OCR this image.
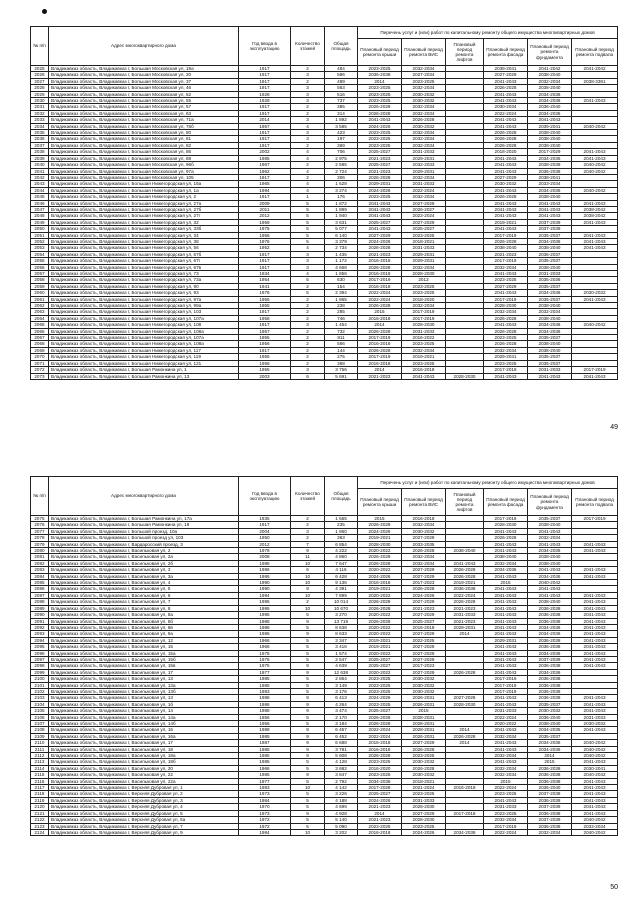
№ п/п	Адрес многоквартирного дома	Год ввода в эксплуатацию	Количество этажей	Общая площадь	Перечень услуг и (или) работ по капитальному ремонту общего имущества многоквартирных домов					
					Плановый период ремонта крыши	Плановый период ремонта ВИС	Плановый период ремонта лифтов	Плановый период ремонта фасада	Плановый период ремонта фундамента	Плановый период ремонта подвала
2025	Владикавказ область, Владикавказ г, Большая Московская ул, 19а	1917	2	484	2023-2025	2032-2034		2039-2041	2041-2042	2041-2042
2026	Владикавказ область, Владикавказ г, Большая Московская ул, 20	1917	3	586	2036-2038	2027-2034		2027-2029	2038-2040	
2027	Владикавказ область, Владикавказ г, Большая Московская ул, 37	1917	2	489	2014	2023-2025		2041-2043	2032-2034	2038-3381
2028	Владикавказ область, Владикавказ г, Большая Московская ул, 46	1917	3	563	2023-2025	2032-2034		2026-2028	2038-2040	
2029	Владикавказ область, Владикавказ г, Большая Московская ул, 52	1928	3	516	2023-2025	2030-2032		2041-2043	2034-2036	
2030	Владикавказ область, Владикавказ г, Большая Московская ул, 55	1928	3	737	2023-2025	2030-2032		2041-2043	2034-2036	2041-2043
2031	Владикавказ область, Владикавказ г, Большая Московская ул, 57	1917	2	385	2026-2028	2032-2034		2030-2034	2036-2040	
2032	Владикавказ область, Владикавказ г, Большая Московская ул, 63	1917	2	314	2026-2028	2032-2034		2022-2024	2034-2036	
2033	Владикавказ область, Владикавказ г, Большая Московская ул, 71а	2014	3	1 892	2041-2043	2026-2028		2041-2043	2041-2043	
2034	Владикавказ область, Владикавказ г, Большая Московская ул, 76б	1957	4	3 585	2024-2026	2030-2032		2041-2043	2039-2041	2040-2042
2035	Владикавказ область, Владикавказ г, Большая Московская ул, 80	1917	3	423	2023-2025	2032-2034		2026-2028	2038-2040	
2036	Владикавказ область, Владикавказ г, Большая Московская ул, 81	1917	3	197	2023-2025	2032-2034		2026-2028	2038-2040	
2037	Владикавказ область, Владикавказ г, Большая Московская ул, 82	1917	2	369	2023-2025	2032-2034		2026-2028	2038-2040	
2038	Владикавказ область, Владикавказ г, Большая Московская ул, 86	2002	4	706	2025-2027	2031-2033		2018-2020	2017-2029	2041-2043
2039	Владикавказ область, Владикавказ г, Большая Московская ул, 88	1985	4	2 975	2021-2023	2029-2031		2041-2043	2034-2036	2041-2043
2040	Владикавказ область, Владикавказ г, Большая Московская ул, 96б	1967	2	2 585	2025-2027	2032-2033		2041-2043	2038-2039	2040-2042
2041	Владикавказ область, Владикавказ г, Большая Московская ул, 97а	1962	4	2 724	2021-2023	2029-2031		2041-2043	2036-2038	2040-2042
2042	Владикавказ область, Владикавказ г, Большая Московская ул, 105	1917	2	306	2026-2028	2032-2034		2027-2029	2038-2041	
2043	Владикавказ область, Владикавказ г, Большая Нижегородская ул, 16а	1965	4	1 528	2029-2031	2031-2033		2030-2032	2033-2034	
2044	Владикавказ область, Владикавказ г, Большая Нижегородская ул, 1а	1994	4	3 274	2024-2026	2022-2024		2041-2043	2034-2036	2040-2042
2045	Владикавказ область, Владикавказ г, Большая Нижегородская ул, 2	1917	1	176	2023-2025	2032-2034		2026-2028	2038-2040	
2046	Владикавказ область, Владикавказ г, Большая Нижегородская ул, 27а	2009	5	1 872	2041-2043	2027-2029		2041-2043	2041-2043	2041-2043
2047	Владикавказ область, Владикавказ г, Большая Нижегородская ул, 27б	2011	5	1 899	2041-2043	2026-2027		2041-2043	2041-2043	2038-2042
2048	Владикавказ область, Владикавказ г, Большая Нижегородская ул, 27г	2012	5	1 940	2041-2043	2023-2024		2041-2043	2041-2043	2038-2042
2049	Владикавказ область, Владикавказ г, Большая Нижегородская ул, 32	1959	5	3 631	2025-2027	2027-2029		2019-2021	2037-2039	2041-2043
2050	Владикавказ область, Владикавказ г, Большая Нижегородская ул, 33б	1975	5	5 077	2041-2043	2025-2027		2041-2043	2037-2039	
2051	Владикавказ область, Владикавказ г, Большая Нижегородская ул, 34	1956	5	6 140	2027-2029	2023-2025		2017-2019	2035-2037	2041-2043
2052	Владикавказ область, Владикавказ г, Большая Нижегородская ул, 38	1976	5	3 379	2024-2026	2018-2021		2026-2028	2034-2036	2041-2043
2053	Владикавказ область, Владикавказ г, Большая Нижегородская ул, 56	1952	4	2 734	2026-2028	2031-2033		2038-2040	2038-2040	2041-2043
2054	Владикавказ область, Владикавказ г, Большая Нижегородская ул, 67б	1917	3	1 435	2021-2023	2029-2031		2021-2023	2036-2037	
2055	Владикавказ область, Владикавказ г, Большая Нижегородская ул, 67г	1917	3	1 172	2016-2018	2029-2031		2017-2019	2035-2037	
2056	Владикавказ область, Владикавказ г, Большая Нижегородская ул, 67в	1917	3	4 668	2026-2028	2032-2034		2032-2034	2038-2040	
2057	Владикавказ область, Владикавказ г, Большая Нижегородская ул, 73	1934	4	1 856	2016-2018	2028-2030		2041-2043	2031-2033	
2058	Владикавказ область, Владикавказ г, Большая Нижегородская ул, 73а	1954	5	630	2017-2019	2013		2023-2025	2035-2036	
2059	Владикавказ область, Владикавказ г, Большая Нижегородская ул, 90	1941	2	154	2016-2018	2023-2025		2027-2029	2035-2037	
2060	Владикавказ область, Владикавказ г, Большая Нижегородская ул, 93	1976	5	2 394	2022-2024	2023-2025		2041-2043	2034-2036	2030-2032
2061	Владикавказ область, Владикавказ г, Большая Нижегородская ул, 97а	1955	2	1 865	2022-2024	2018-2020		2017-2019	2035-2037	2041-2043
2062	Владикавказ область, Владикавказ г, Большая Нижегородская ул, 99а	1955	2	238	2026-2028	2032-2034		2028-2030	2038-2040	
2063	Владикавказ область, Владикавказ г, Большая Нижегородская ул, 103	1917	2	285	2015	2017-2019		2032-2034	2032-2034	
2064	Владикавказ область, Владикавказ г, Большая Нижегородская ул, 107а	1958	2	746	2016-2018	2017-2019		2026-2028	2038-2040	
2065	Владикавказ область, Владикавказ г, Большая Нижегородская ул, 108	1917	3	1 454	2014	2028-2030		2041-2043	2034-2036	2040-2042
2066	Владикавказ область, Владикавказ г, Большая Нижегородская ул, 108а	1957	2	732	2026-2028	2031-2033		2026-2028	2034-2036	
2067	Владикавказ область, Владикавказ г, Большая Нижегородская ул, 107а	1955	2	811	2017-2019	2016-2022		2023-2025	2035-2037	
2068	Владикавказ область, Владикавказ г, Большая Нижегородская ул, 108а	1956	2	566	2016-2018	2023-2025		2026-2028	2038-2040	
2069	Владикавказ область, Владикавказ г, Большая Нижегородская ул, 117	1917	2	144	2026-2028	2032-2034		2032-2034	2038-2040	
2070	Владикавказ область, Владикавказ г, Большая Нижегородская ул, 119	1955	2	275	2017-2019	2019-2021		2029-2031	2035-2037	
2071	Владикавказ область, Владикавказ г, Большая Нижегородская ул, 121	1958	2	368	2016-2018	2023-2025		2023-2025	2035-2037	
2072	Владикавказ область, Владикавказ г, Большая Рамонкина ул, 1	1955	3	3 756	2014	2016-2018		2017-2019	2031-2033	2017-2019
2073	Владикавказ область, Владикавказ г, Большая Рамонкина ул, 13	2003	6	5 691	2021-2023	2041-2043	2028-2030	2041-2043	2041-2043	2041-2043
49
№ п/п	Адрес многоквартирного дома	Год ввода в эксплуатацию	Количество этажей	Общая площадь	Перечень услуг и (или) работ по капитальному ремонту общего имущества многоквартирных домов					
					Плановый период ремонта крыши	Плановый период ремонта ВИС	Плановый период ремонта лифтов	Плановый период ремонта фасада	Плановый период ремонта фундамента	Плановый период ремонта подвала
2075	Владикавказ область, Владикавказ г, Большая Рамонкина ул, 17а	1935	2	1 665	2015	2016-2018		2017-2019	2035-2037	2017-2019
2076	Владикавказ область, Владикавказ г, Большая Рамонкина ул, 18	1917	2	235	2026-2028	2032-2034		2028-2030	2038-2040	
2077	Владикавказ область, Владикавказ г, Большой проезд, 10а	2004	3	1 860	2024-2026	2030-2032		2041-2043	2041-2043	
2078	Владикавказ область, Владикавказ г, Большой проезд ул, 103	1950	2	363	2019-2021	2027-2029		2026-2028	2032-2034	
2079	Владикавказ область, Владикавказ г, Вардаросский проезд, 3	2012	7	6 854	2028-2030	2033-2035		2041-2043	2041-2043	2041-2043
2080	Владикавказ область, Владикавказ г, Васильковая ул, 2	1978	9	4 222	2020-2022	2026-2028	2038-2040	2041-2043	2034-2036	2041-2043
2081	Владикавказ область, Владикавказ г, Васильковая ул, 2а	2008	11	4 860	2026-2028	2032-2034		2038-2040	2038-2040	
2082	Владикавказ область, Владикавказ г, Васильковая ул, 2б	1988	10	7 647	2026-2028	2032-2034	2041-2043	2032-2034	2038-2040	
2083	Владикавказ область, Владикавказ г, Васильковая ул, 3	1986	6	4 116	2020-2022	2027-2029	2026-2028	2034-2036	2041-2043	2041-2043
2084	Владикавказ область, Владикавказ г, Васильковая ул, 3а	1986	10	6 428	2024-2026	2027-2029	2026-2028	2041-2043	2034-2036	2041-2043
2085	Владикавказ область, Владикавказ г, Васильковая ул, 4	1990	10	9 136	2016-2018	2017-2023	2019-2021	2015	2040-2042	
2086	Владикавказ область, Владикавказ г, Васильковая ул, 5	1990	9	4 391	2019-2021	2026-2028	2036-2038	2041-2043	2041-2043	
2087	Владикавказ область, Владикавказ г, Васильковая ул, 6	1994	10	7 899	2020-2022	2024-2026	2022-2024	2041-2043	2041-2043	2041-2043
2088	Владикавказ область, Владикавказ г, Васильковая ул, 7	1995	2	10 014	2026-2028	2027-2029	2026-2028	2041-2043	2038-2040	2041-2043
2089	Владикавказ область, Владикавказ г, Васильковая ул, 8	1995	10	10 670	2026-2028	2021-2023	2021-2023	2041-2043	2036-2038	2041-2043
2090	Владикавказ область, Владикавказ г, Васильковая ул, 8а	1995	5	3 270	2020-2022	2027-2029	2031-2033	2041-2043	2036-2038	2041-2043
2091	Владикавказ область, Владикавказ г, Васильковая ул, 8б	1986	9	13 719	2026-2028	2025-2027	2021-2023	2041-2043	2036-2038	2041-2043
2092	Владикавказ область, Владикавказ г, Васильковая ул, 8в	1986	5	8 638	2020-2022	2016-2018	2029-2031	2041-2043	2034-2036	2041-2043
2093	Владикавказ область, Владикавказ г, Васильковая ул, 9а	1986	9	8 633	2020-2022	2027-2029	2014	2041-2043	2034-2036	2041-2043
2094	Владикавказ область, Владикавказ г, Васильковая ул, 12	1966	5	3 347	2019-2021	2022-2025		2029-2031	2036-2038	2041-2043
2095	Владикавказ область, Владикавказ г, Васильковая ул, 15	1966	5	3 416	2019-2021	2027-2029		2041-2043	2036-2038	2041-2043
2096	Владикавказ область, Владикавказ г, Васильковая ул, 15а	1975	5	1 574	2020-2022	2027-2029		2041-2043	2034-2036	2041-2043
2097	Владикавказ область, Владикавказ г, Васильковая ул, 15б	1975	5	2 547	2025-2027	2027-2029		2041-2043	2037-2039	2041-2043
2098	Владикавказ область, Владикавказ г, Васильковая ул, 15в	1975	9	4 639	2025-2027	2017-2023		2041-2043	2036-2038	2041-2043
2099	Владикавказ область, Владикавказ г, Васильковая ул, 17	1977	9	12 638	2020-2022	2027-2029	2026-2028	2041-2043	2034-2036	
2100	Владикавказ область, Владикавказ г, Васильковая ул, 13	1985	5	2 864	2023-2025	2030-2032		2017-2019	2036-2038	
2101	Владикавказ область, Владикавказ г, Васильковая ул, 13а	1985	5	3 149	2023-2025	2030-2032		2017-2019	2036-2038	
2102	Владикавказ область, Владикавказ г, Васильковая ул, 13б	1983	5	3 176	2023-2025	2030-2032		2017-2019	2036-2038	
2103	Владикавказ область, Владикавказ г, Васильковая ул, 13	1988	9	6 413	2024-2026	2026-2031	2027-2028	2041-2043	2036-2038	2041-2043
2104	Владикавказ область, Владикавказ г, Васильковая ул, 1б	1986	9	4 264	2023-2025	2026-2031	2028-2030	2041-2043	2035-2037	2041-2043
2105	Владикавказ область, Владикавказ г, Васильковая ул, 14	1988	9	3 474	2025-2027	2015		2031-2033	2030-2032	2041-2043
2106	Владикавказ область, Владикавказ г, Васильковая ул, 14а	1956	5	2 170	2026-2028	2028-2031		2022-2024	2036-2040	2031-2033
2107	Владикавказ область, Владикавказ г, Васильковая ул, 14б	1956	5	3 184	2026-2028	2028-2031		2020-2022	2038-2040	2030-2032
2108	Владикавказ область, Владикавказ г, Васильковая ул, 16	1988	9	6 457	2022-2024	2028-2031	2014	2041-2043	2034-2035	2041-2043
2109	Владикавказ область, Владикавказ г, Васильковая ул, 16а	1985	9	6 452	2022-2024	2026-2031	2026-2028	2032-2034	2035-2037	
2110	Владикавказ область, Владикавказ г, Васильковая ул, 17	1987	9	6 688	2016-2018	2027-2029	2014	2041-2043	2034-2036	2040-2042
2111	Владикавказ область, Владикавказ г, Васильковая ул, 18	1985	9	3 781	2016-2018	2026-2028		2041-2043	2034-2036	2040-2042
2112	Владикавказ область, Владикавказ г, Васильковая ул, 18а	1985	9	5 608	2026-2028	2023-2025		2032-2034	2014	2040-2042
2113	Владикавказ область, Владикавказ г, Васильковая ул, 18б	1985	5	4 128	2023-2025	2030-2032		2041-2043	2015	2041-2043
2114	Владикавказ область, Владикавказ г, Васильковая ул, 20	1966	5	3 682	2016-2020	2026-2028		2032-2034	2036-2038	2030-2041
2115	Владикавказ область, Владикавказ г, Васильковая ул, 22	1985	9	3 847	2023-2025	2030-2032		2032-2034	2036-2038	2040-2042
2116	Владикавказ область, Владикавказ г, Васильковая ул, 22а	1977	5	2 792	2034-2036	2018-2021		2015	2036-2038	2041-2043
2117	Владикавказ область, Владикавказ г, Верхняя Дубровая ул, 1	1983	10	4 142	2017-2028	2021-2024	2016-2019	2022-2024	2036-2040	2041-2043
2118	Владикавказ область, Владикавказ г, Верхняя Дубровая ул, 2	1973	5	3 226	2025-2027	2023-2025		2023-2025	2037-2038	2041-2043
2119	Владикавказ область, Владикавказ г, Верхняя Дубровая ул, 3	1984	5	4 188	2024-2026	2031-2033		2041-2043	2036-2038	2041-2043
2120	Владикавказ область, Владикавказ г, Верхняя Дубровая ул, 4	1970	5	4 699	2021-2023	2028-2030		2031-2033	2037-2039	2041-2043
2121	Владикавказ область, Владикавказ г, Верхняя Дубровая ул, 5	1973	9	4 928	2014	2027-2029	2017-2019	2023-2025	2036-2038	2041-2043
2122	Владикавказ область, Владикавказ г, Верхняя Дубровая ул, 5а	1972	5	5 140	2021-2023	2028-2030		2032-2034	2037-2039	2040-2042
2123	Владикавказ область, Владикавказ г, Верхняя Дубровая ул, 7	1972	5	5 090	2023-2025	2023-2025		2017-2019	2036-2038	2032-2034
2124	Владикавказ область, Владикавказ г, Верхняя Дубровая ул, 9	1984	10	3 202	2016-2018	2024-2026	2034-2036	2022-2024	2032-2034	2040-2042
50
